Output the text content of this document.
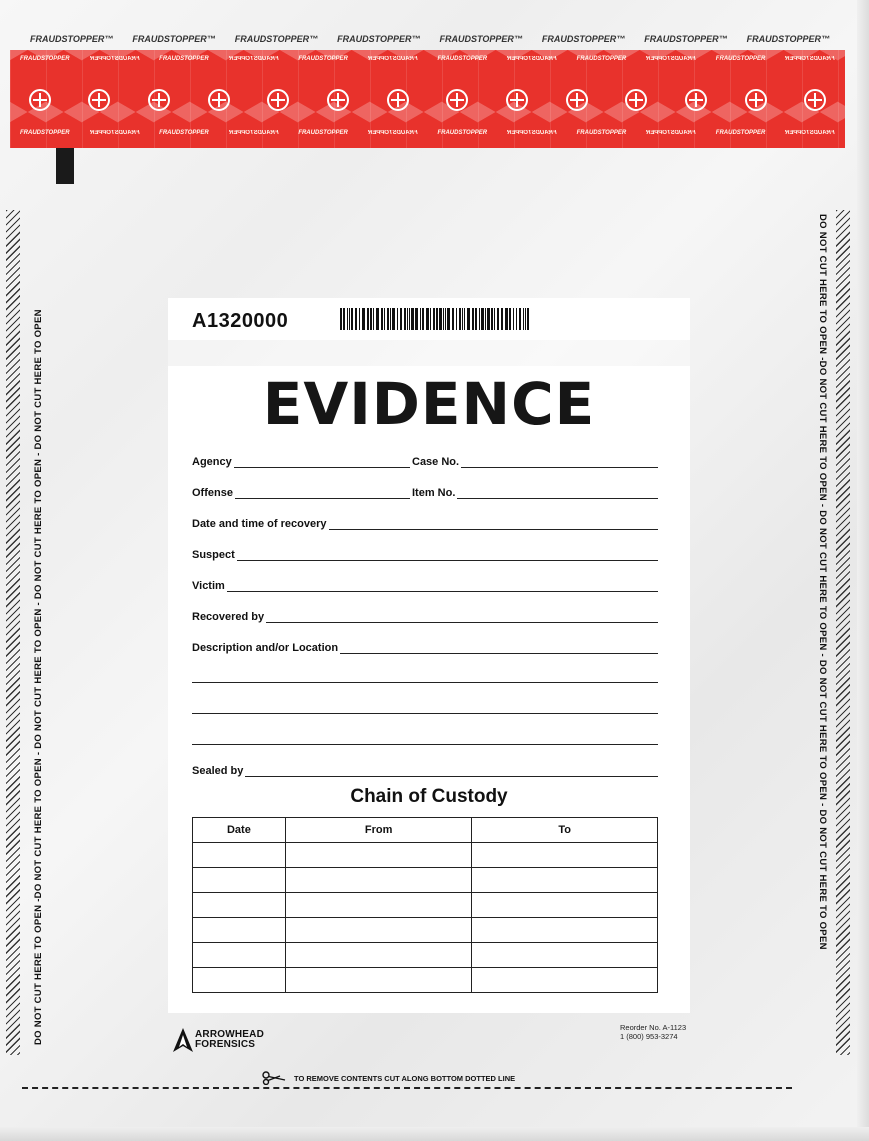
FRAUDSTOPPER™ FRAUDSTOPPER™ FRAUDSTOPPER™ FRAUDSTOPPER™ FRAUDSTOPPER™ FRAUDSTOPPER™ FRAUDSTOPPER™ FRAUDSTOPPER™
FRAUDSTOPPER	FRAUDSTOPPER	FRAUDSTOPPER	FRAUDSTOPPER	FRAUDSTOPPER	FRAUDSTOPPER	FRAUDSTOPPER	FRAUDSTOPPER	FRAUDSTOPPER	FRAUDSTOPPER	FRAUDSTOPPER	FRAUDSTOPPER
FRAUDSTOPPER	FRAUDSTOPPER	FRAUDSTOPPER	FRAUDSTOPPER	FRAUDSTOPPER	FRAUDSTOPPER	FRAUDSTOPPER	FRAUDSTOPPER	FRAUDSTOPPER	FRAUDSTOPPER	FRAUDSTOPPER	FRAUDSTOPPER
DO NOT CUT HERE TO OPEN -DO NOT CUT HERE TO OPEN - DO NOT CUT HERE TO OPEN - DO NOT CUT HERE TO OPEN - DO NOT CUT HERE TO OPEN	DO NOT CUT HERE TO OPEN -DO NOT CUT HERE TO OPEN - DO NOT CUT HERE TO OPEN - DO NOT CUT HERE TO OPEN - DO NOT CUT HERE TO OPEN
A1320000
EVIDENCE
Agency	Case No.
Offense	Item No.
Date and time of recovery
Suspect
Victim
Recovered by
Description and/or Location
Sealed by
Chain of Custody
Date	From	To

ARROWHEAD
FORENSICS
Reorder No. A-1123
1 (800) 953-3274
TO REMOVE CONTENTS CUT ALONG BOTTOM DOTTED LINE
